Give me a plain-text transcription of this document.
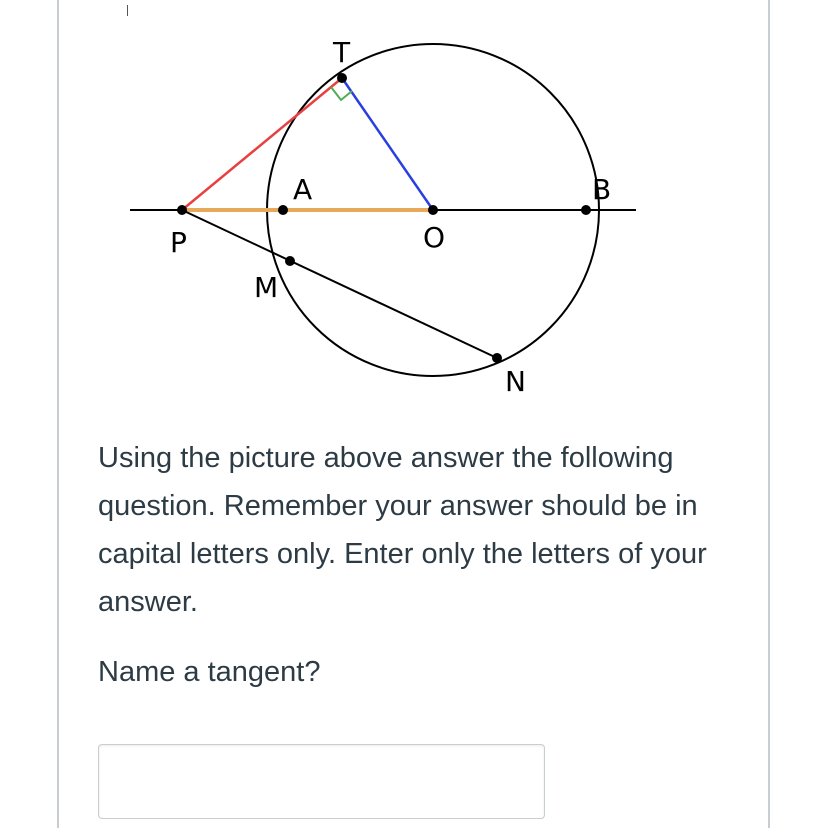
T
A	B
P	O
M
N

Using the picture above answer the following question. Remember your answer should be in capital letters only. Enter only the letters of your answer.

Name a tangent?
